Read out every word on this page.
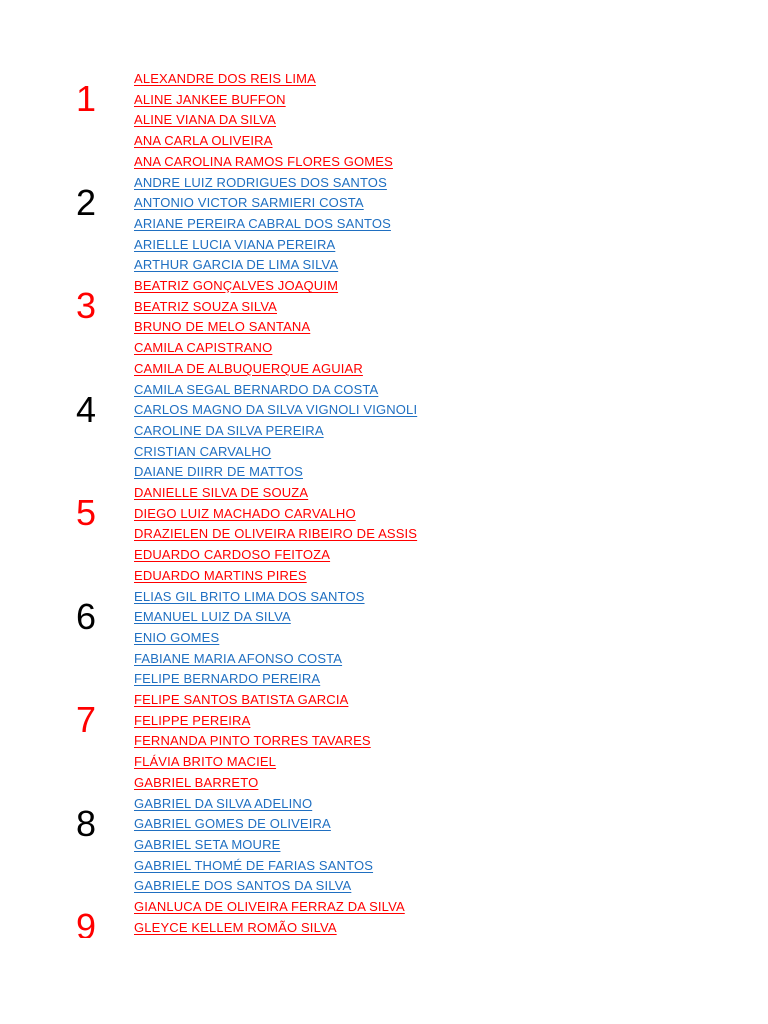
1
2
3
4
5
6
7
8
9
ALEXANDRE DOS REIS LIMA
ALINE JANKEE BUFFON
ALINE VIANA DA SILVA
ANA CARLA OLIVEIRA
ANA CAROLINA RAMOS FLORES GOMES
ANDRE LUIZ RODRIGUES DOS SANTOS
ANTONIO VICTOR SARMIERI COSTA
ARIANE PEREIRA CABRAL DOS SANTOS
ARIELLE LUCIA VIANA PEREIRA
ARTHUR GARCIA DE LIMA SILVA
BEATRIZ GONÇALVES JOAQUIM
BEATRIZ SOUZA SILVA
BRUNO DE MELO SANTANA
CAMILA CAPISTRANO
CAMILA DE ALBUQUERQUE AGUIAR
CAMILA SEGAL BERNARDO DA COSTA
CARLOS MAGNO DA SILVA VIGNOLI VIGNOLI
CAROLINE DA SILVA PEREIRA
CRISTIAN CARVALHO
DAIANE DIIRR DE MATTOS
DANIELLE SILVA DE SOUZA
DIEGO LUIZ MACHADO CARVALHO
DRAZIELEN DE OLIVEIRA RIBEIRO DE ASSIS
EDUARDO CARDOSO FEITOZA
EDUARDO MARTINS PIRES
ELIAS GIL BRITO LIMA DOS SANTOS
EMANUEL LUIZ DA SILVA
ENIO GOMES
FABIANE MARIA AFONSO COSTA
FELIPE BERNARDO PEREIRA
FELIPE SANTOS BATISTA GARCIA
FELIPPE PEREIRA
FERNANDA PINTO TORRES TAVARES
FLÁVIA BRITO MACIEL
GABRIEL BARRETO
GABRIEL DA SILVA ADELINO
GABRIEL GOMES DE OLIVEIRA
GABRIEL SETA MOURE
GABRIEL THOMÉ DE FARIAS SANTOS
GABRIELE DOS SANTOS DA SILVA
GIANLUCA DE OLIVEIRA FERRAZ DA SILVA
GLEYCE KELLEM ROMÃO SILVA
